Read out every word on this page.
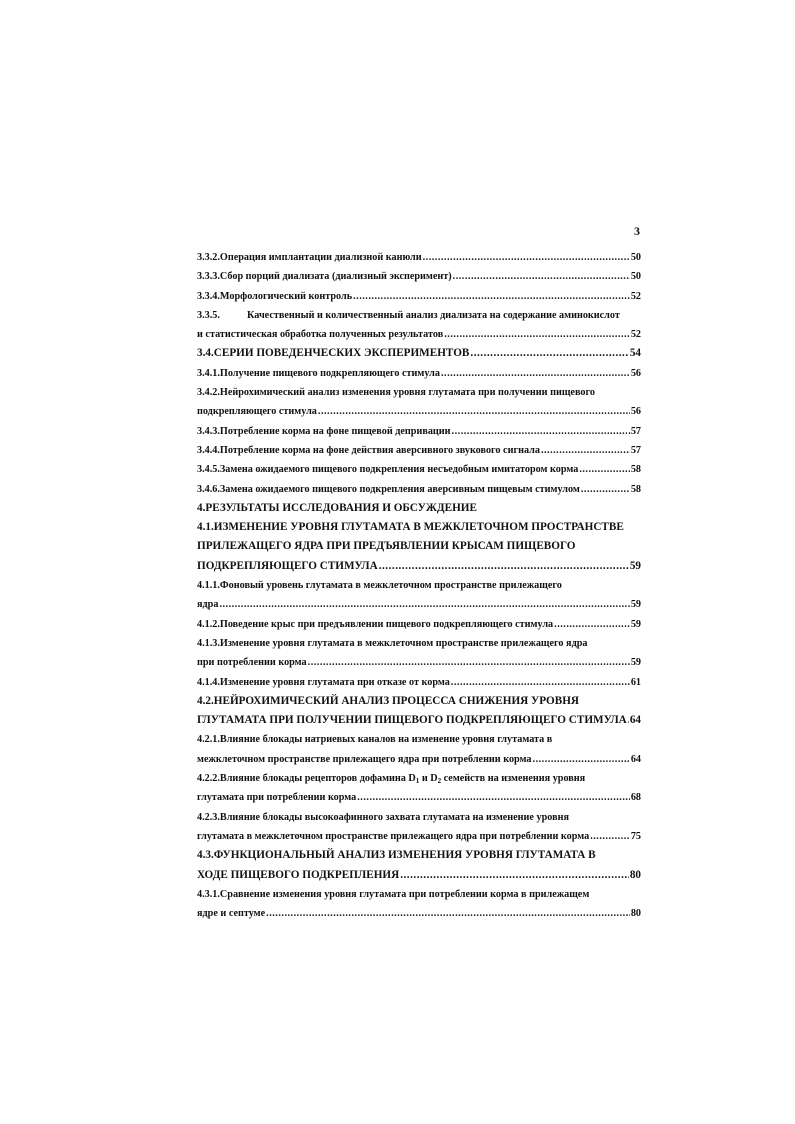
3
3.3.2. Операция имплантации диализной канюли .....	50
3.3.3. Сбор порций диализата (диализный эксперимент) .....	50
3.3.4. Морфологический контроль .....	52
3.3.5.	Качественный и количественный анализ диализата на содержание аминокислот
и статистическая обработка полученных результатов .....	52
3.4. СЕРИИ ПОВЕДЕНЧЕСКИХ ЭКСПЕРИМЕНТОВ .....	54
3.4.1. Получение пищевого подкрепляющего стимула .....	56
3.4.2.Нейрохимический анализ изменения уровня глутамата при получении пищевого
подкрепляющего стимула .....	56
3.4.3. Потребление корма на фоне пищевой депривации .....	.57
3.4.4. Потребление корма на фоне действия аверсивного звукового сигнала .....	57
3.4.5. Замена ожидаемого пищевого подкрепления несъедобным имитатором корма .....	58
3.4.6. Замена ожидаемого пищевого подкрепления аверсивным пищевым стимулом .....	58
4.РЕЗУЛЬТАТЫ ИССЛЕДОВАНИЯ И ОБСУЖДЕНИЕ
4.1.ИЗМЕНЕНИЕ УРОВНЯ ГЛУТАМАТА В МЕЖКЛЕТОЧНОМ ПРОСТРАНСТВЕ
ПРИЛЕЖАЩЕГО ЯДРА ПРИ ПРЕДЪЯВЛЕНИИ КРЫСАМ ПИЩЕВОГО
ПОДКРЕПЛЯЮЩЕГО СТИМУЛА .....	59
4.1.1.Фоновый уровень глутамата в межклеточном пространстве прилежащего
ядра .....	59
4.1.2. Поведение крыс при предъявлении пищевого подкрепляющего стимула .....	59
4.1.3.Изменение уровня глутамата в межклеточном пространстве прилежащего ядра
при потреблении корма .....	59
4.1.4. Изменение уровня глутамата при отказе от корма .....	61
4.2.НЕЙРОХИМИЧЕСКИЙ АНАЛИЗ ПРОЦЕССА СНИЖЕНИЯ УРОВНЯ
ГЛУТАМАТА ПРИ ПОЛУЧЕНИИ ПИЩЕВОГО ПОДКРЕПЛЯЮЩЕГО СТИМУЛА ..... 64
4.2.1.Влияние блокады натриевых каналов на изменение уровня глутамата в
межклеточном пространстве прилежащего ядра при потреблении корма .....	64
4.2.2.Влияние блокады рецепторов дофамина $D_1$ и $D_2$ семейств на изменения уровня
глутамата при потреблении корма .....	68
4.2.3.Влияние блокады высокоафинного захвата глутамата на изменение уровня
глутамата в межклеточном пространстве прилежащего ядра при потреблении корма .....	75
4.3.ФУНКЦИОНАЛЬНЫЙ АНАЛИЗ ИЗМЕНЕНИЯ УРОВНЯ ГЛУТАМАТА В
ХОДЕ ПИЩЕВОГО ПОДКРЕПЛЕНИЯ .....	80
4.3.1.Сравнение изменения уровня глутамата при потреблении корма в прилежащем
ядре и септуме .....	80
